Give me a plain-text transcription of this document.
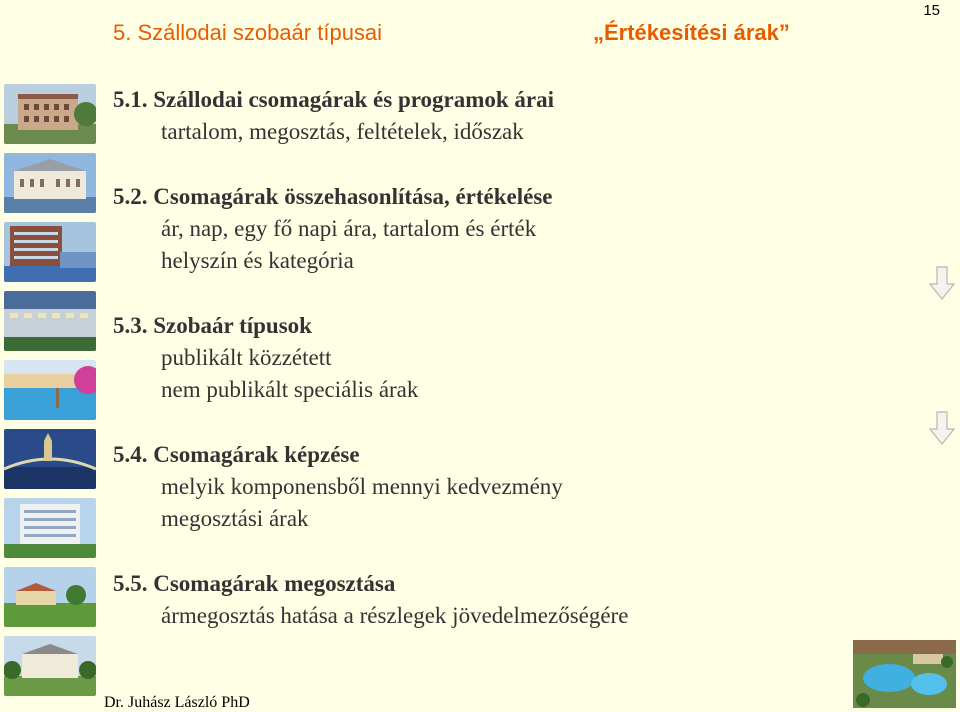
15
5. Szállodai szobaár típusai	„Értékesítési árak”

5.1. Szállodai csomagárak és programok árai

tartalom, megosztás, feltételek, időszak

5.2. Csomagárak összehasonlítása, értékelése

ár, nap, egy fő napi ára, tartalom és érték

helyszín és kategória

5.3. Szobaár típusok

publikált közzétett

nem publikált speciális árak

5.4. Csomagárak képzése

melyik komponensből mennyi kedvezmény

megosztási árak

5.5. Csomagárak megosztása

ármegosztás hatása a részlegek jövedelmezőségére

Dr. Juhász László PhD
